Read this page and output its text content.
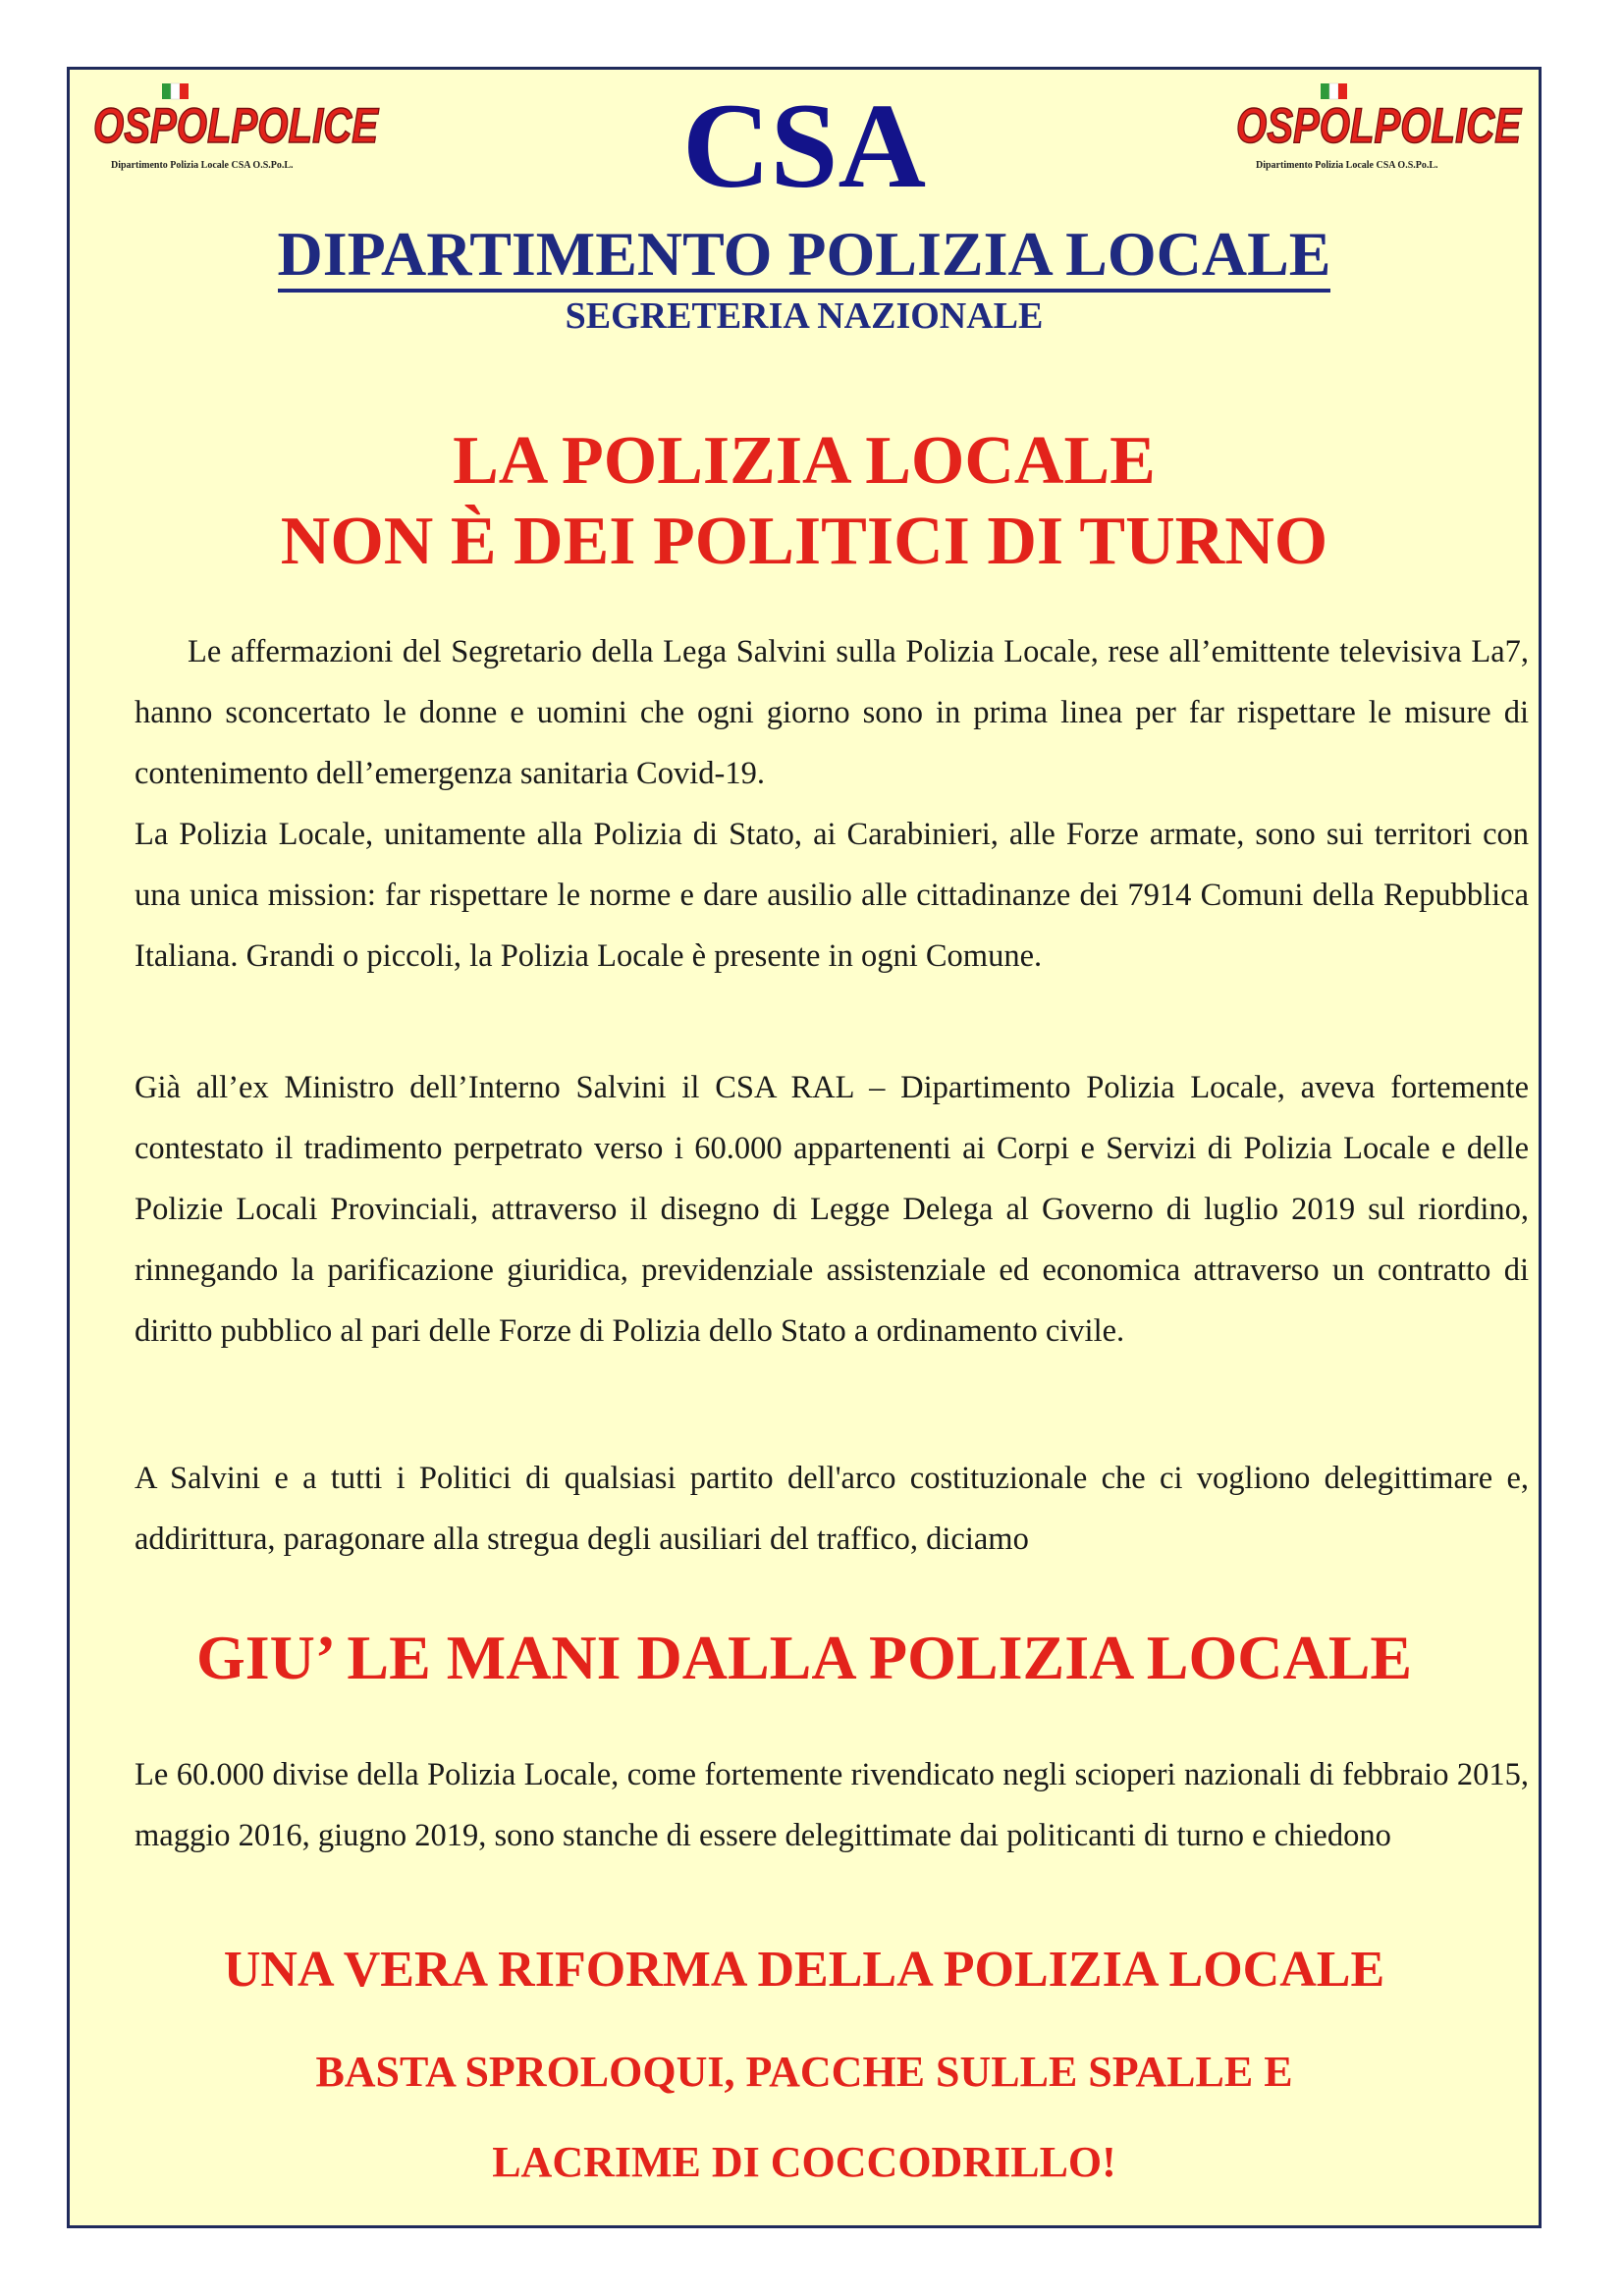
OSPOLPOLICE
Dipartimento Polizia Locale CSA O.S.Po.L.
OSPOLPOLICE
Dipartimento Polizia Locale CSA O.S.Po.L.
CSA
DIPARTIMENTO POLIZIA LOCALE
SEGRETERIA NAZIONALE
LA POLIZIA LOCALE
NON È DEI POLITICI DI TURNO

Le affermazioni del Segretario della Lega Salvini sulla Polizia Locale, rese all’emittente televisiva La7, hanno sconcertato le donne e uomini che ogni giorno sono in prima linea per far rispettare le misure di contenimento dell’emergenza sanitaria Covid-19.

La Polizia Locale, unitamente alla Polizia di Stato, ai Carabinieri, alle Forze armate, sono sui territori con una unica mission: far rispettare le norme e dare ausilio alle cittadinanze dei 7914 Comuni della Repubblica Italiana. Grandi o piccoli, la Polizia Locale è presente in ogni Comune.

Già all’ex Ministro dell’Interno Salvini il CSA RAL – Dipartimento Polizia Locale, aveva fortemente contestato il tradimento perpetrato verso i 60.000 appartenenti ai Corpi e Servizi di Polizia Locale e delle Polizie Locali Provinciali, attraverso il disegno di Legge Delega al Governo di luglio 2019 sul riordino, rinnegando la parificazione giuridica, previdenziale assistenziale ed economica attraverso un contratto di diritto pubblico al pari delle Forze di Polizia dello Stato a ordinamento civile.
A Salvini e a tutti i Politici di qualsiasi partito dell'arco costituzionale che ci vogliono delegittimare e, addirittura, paragonare alla stregua degli ausiliari del traffico, diciamo
GIU’ LE MANI DALLA POLIZIA LOCALE
Le 60.000 divise della Polizia Locale, come fortemente rivendicato negli scioperi nazionali di febbraio 2015, maggio 2016, giugno 2019, sono stanche di essere delegittimate dai politicanti di turno e chiedono
UNA VERA RIFORMA DELLA POLIZIA LOCALE
BASTA SPROLOQUI, PACCHE SULLE SPALLE E
LACRIME DI COCCODRILLO!
